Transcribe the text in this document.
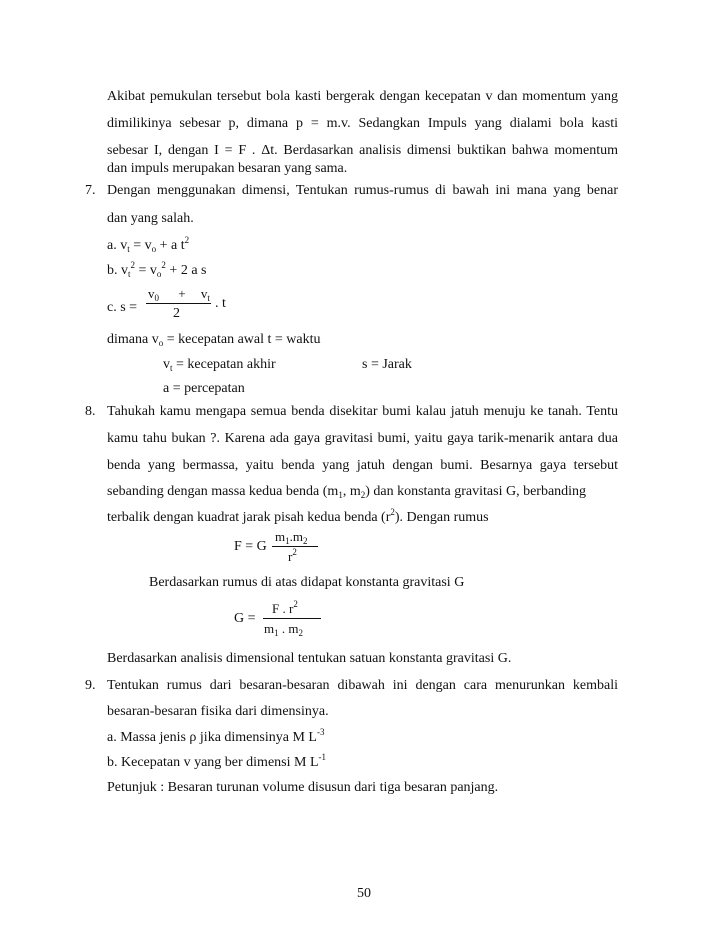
Akibat pemukulan tersebut bola kasti bergerak dengan kecepatan v dan momentum yang
dimilikinya sebesar p, dimana p = m.v. Sedangkan Impuls yang dialami bola kasti
sebesar I, dengan I = F . Δt. Berdasarkan analisis dimensi buktikan bahwa momentum
dan impuls merupakan besaran yang sama.
7. Dengan menggunakan dimensi, Tentukan rumus-rumus di bawah ini mana yang benar
dan yang salah.
a. $v_t = v_o + a$ $t^2$
b. $v_t^2 = v_o^2 + 2$ a s
c. s =
$v_0 + v_t$
2
. t
dimana $v_o$ = kecepatan awal t = waktu
$v_t$ = kecepatan akhir	s = Jarak
a = percepatan
8. Tahukah kamu mengapa semua benda disekitar bumi kalau jatuh menuju ke tanah. Tentu
kamu tahu bukan ?. Karena ada gaya gravitasi bumi, yaitu gaya tarik-menarik antara dua
benda yang bermassa, yaitu benda yang jatuh dengan bumi. Besarnya gaya tersebut
sebanding dengan massa kedua benda ($m_1$, $m_2$) dan konstanta gravitasi G, berbanding
terbalik dengan kuadrat jarak pisah kedua benda $(r^2)$. Dengan rumus
F = G
$m_1.m_2$
$r^2$
Berdasarkan rumus di atas didapat konstanta gravitasi G
G =
F . $r^2$
$m_1$ . $m_2$
Berdasarkan analisis dimensional tentukan satuan konstanta gravitasi G.
9. Tentukan rumus dari besaran-besaran dibawah ini dengan cara menurunkan kembali
besaran-besaran fisika dari dimensinya.
a. Massa jenis ρ jika dimensinya M $L^{-3}$
b. Kecepatan v yang ber dimensi M $L^{-1}$
Petunjuk : Besaran turunan volume disusun dari tiga besaran panjang.
50
